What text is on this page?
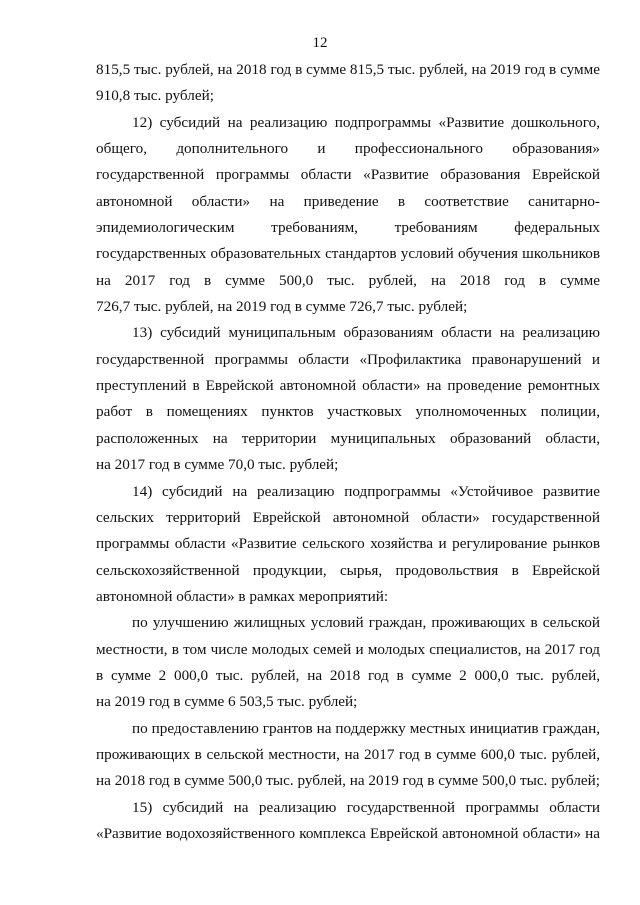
12
815,5 тыс. рублей, на 2018 год в сумме 815,5 тыс. рублей, на 2019 год в сумме
910,8 тыс. рублей;
12) субсидий на реализацию подпрограммы «Развитие дошкольного,
общего, дополнительного и профессионального образования»
государственной программы области «Развитие образования Еврейской
автономной области» на приведение в соответствие санитарно-
эпидемиологическим требованиям, требованиям федеральных
государственных образовательных стандартов условий обучения школьников
на 2017 год в сумме 500,0 тыс. рублей, на 2018 год в сумме
726,7 тыс. рублей, на 2019 год в сумме 726,7 тыс. рублей;
13) субсидий муниципальным образованиям области на реализацию
государственной программы области «Профилактика правонарушений и
преступлений в Еврейской автономной области» на проведение ремонтных
работ в помещениях пунктов участковых уполномоченных полиции,
расположенных на территории муниципальных образований области,
на 2017 год в сумме 70,0 тыс. рублей;
14) субсидий на реализацию подпрограммы «Устойчивое развитие
сельских территорий Еврейской автономной области» государственной
программы области «Развитие сельского хозяйства и регулирование рынков
сельскохозяйственной продукции, сырья, продовольствия в Еврейской
автономной области» в рамках мероприятий:
по улучшению жилищных условий граждан, проживающих в сельской
местности, в том числе молодых семей и молодых специалистов, на 2017 год
в сумме 2 000,0 тыс. рублей, на 2018 год в сумме 2 000,0 тыс. рублей,
на 2019 год в сумме 6 503,5 тыс. рублей;
по предоставлению грантов на поддержку местных инициатив граждан,
проживающих в сельской местности, на 2017 год в сумме 600,0 тыс. рублей,
на 2018 год в сумме 500,0 тыс. рублей, на 2019 год в сумме 500,0 тыс. рублей;
15) субсидий на реализацию государственной программы области
«Развитие водохозяйственного комплекса Еврейской автономной области» на
